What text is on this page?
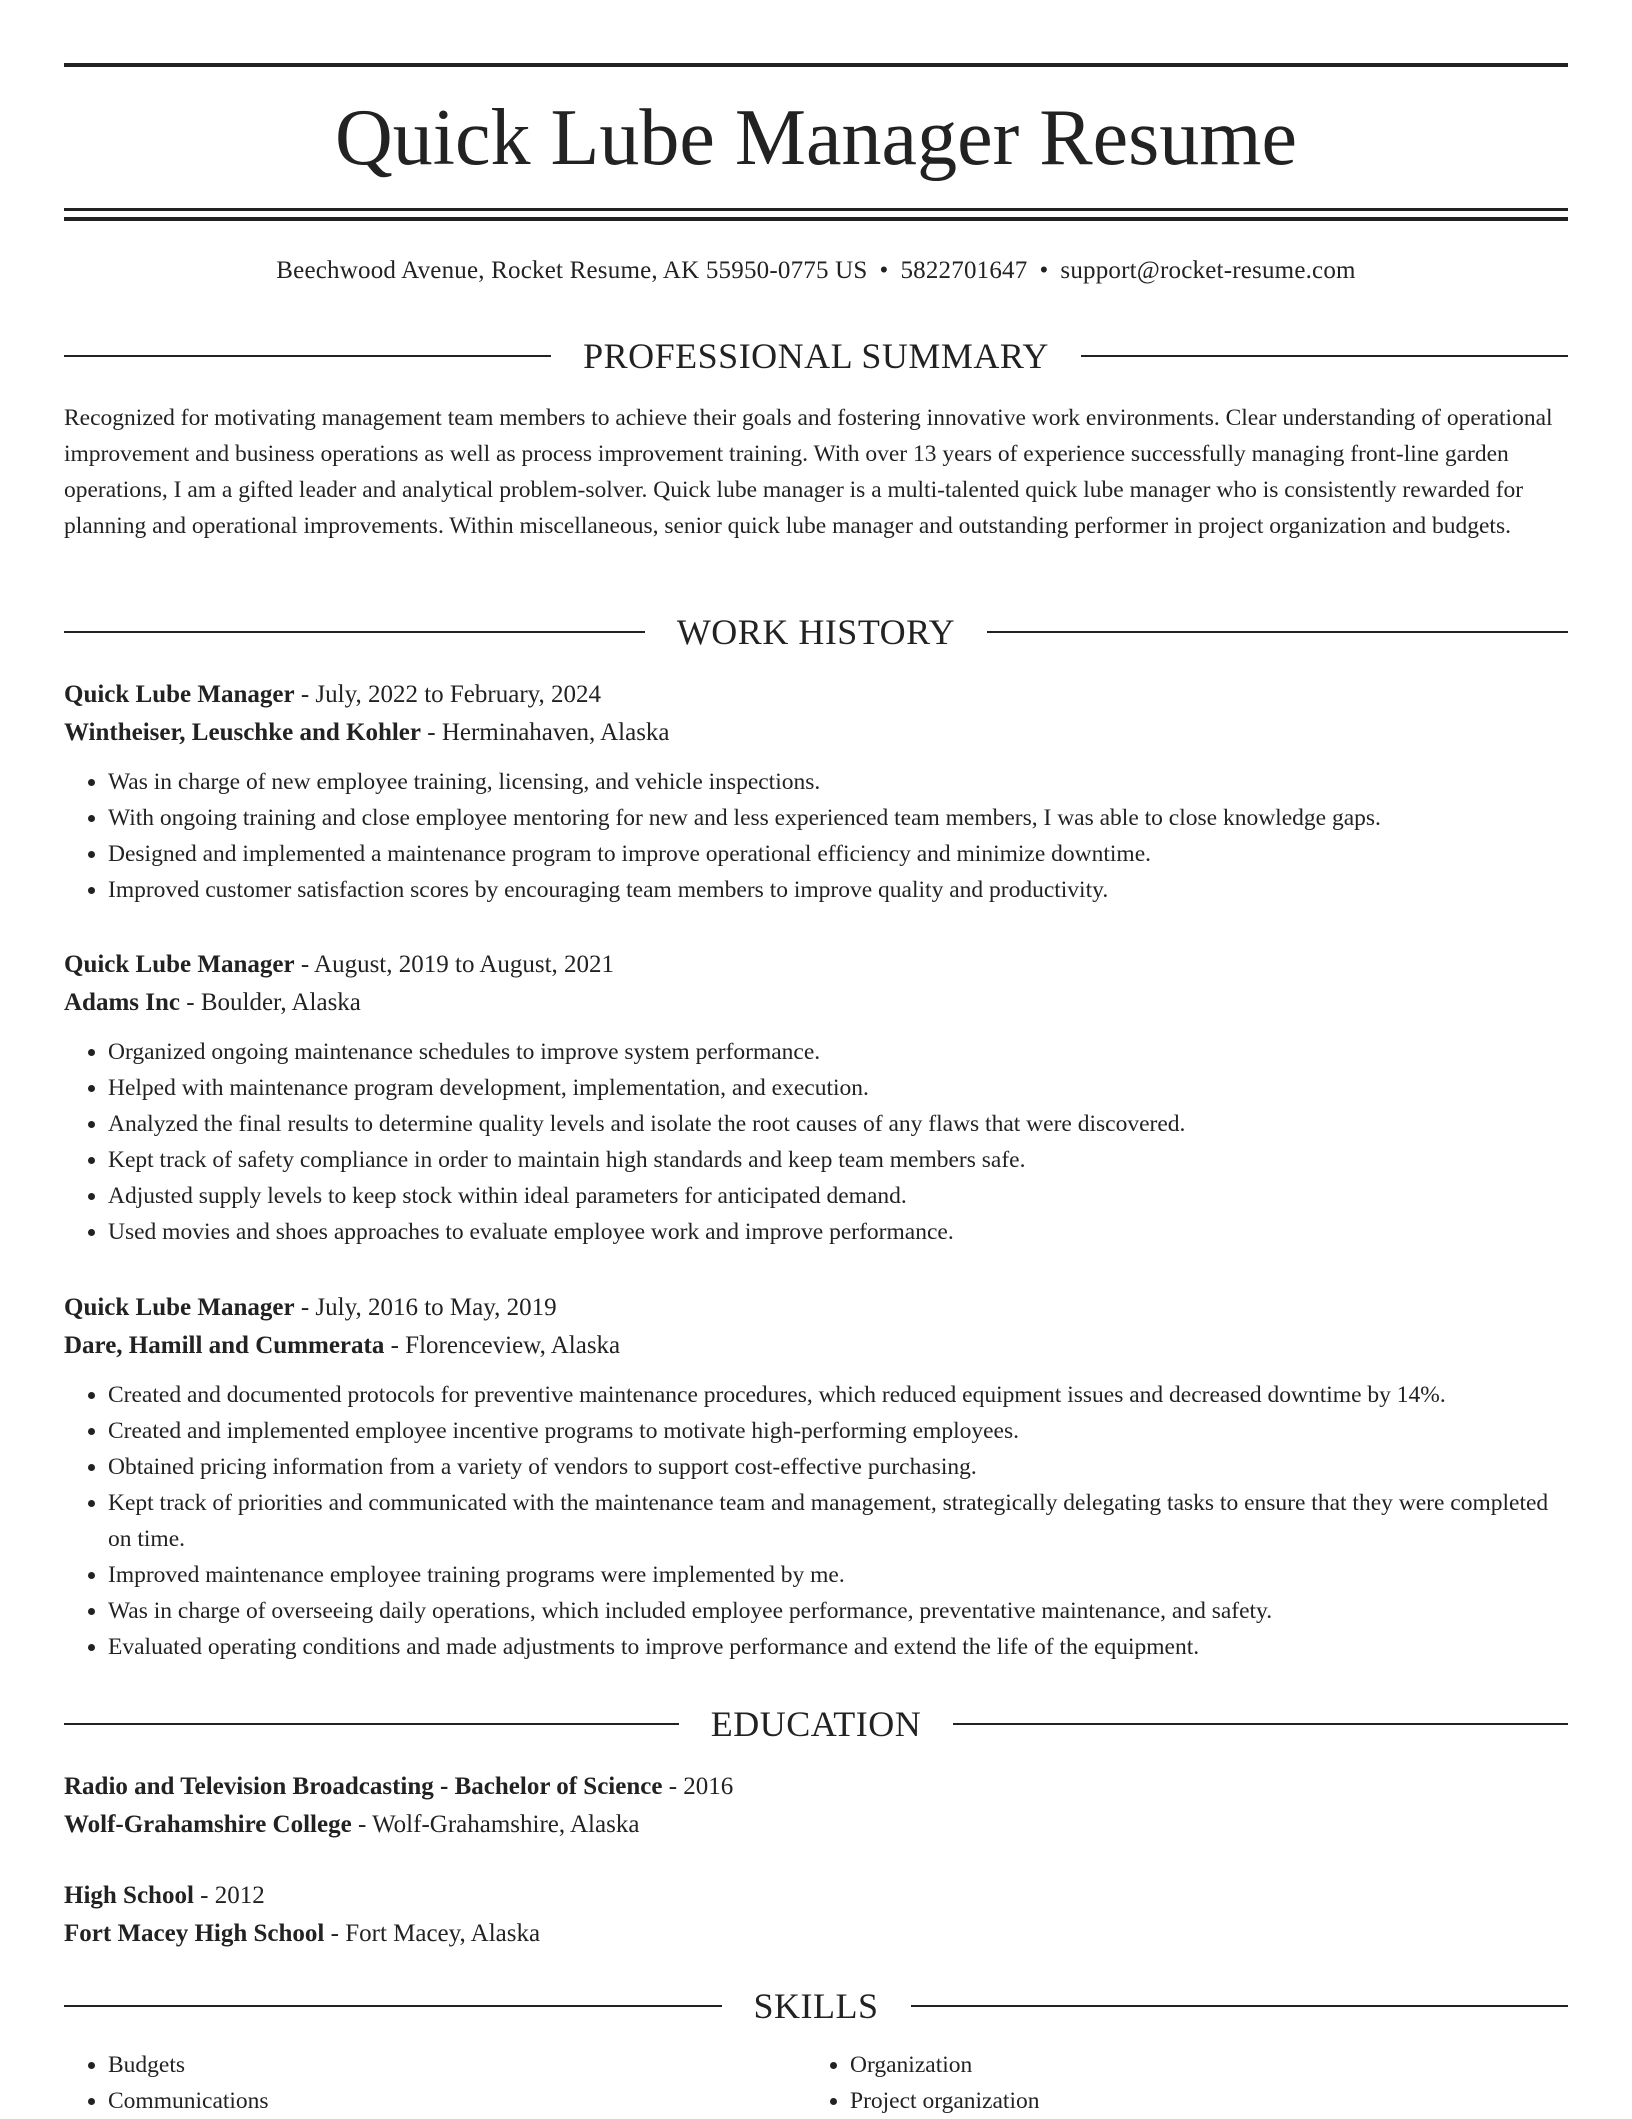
Quick Lube Manager Resume
Beechwood Avenue, Rocket Resume, AK 55950-0775 US • 5822701647 • support@rocket-resume.com
PROFESSIONAL SUMMARY

Recognized for motivating management team members to achieve their goals and fostering innovative work environments. Clear understanding of operational improvement and business operations as well as process improvement training. With over 13 years of experience successfully managing front-line garden operations, I am a gifted leader and analytical problem-solver. Quick lube manager is a multi-talented quick lube manager who is consistently rewarded for planning and operational improvements. Within miscellaneous, senior quick lube manager and outstanding performer in project organization and budgets.

WORK HISTORY
Quick Lube Manager - July, 2022 to February, 2024
Wintheiser, Leuschke and Kohler - Herminahaven, Alaska
• Was in charge of new employee training, licensing, and vehicle inspections.
• With ongoing training and close employee mentoring for new and less experienced team members, I was able to close knowledge gaps.
• Designed and implemented a maintenance program to improve operational efficiency and minimize downtime.
• Improved customer satisfaction scores by encouraging team members to improve quality and productivity.
Quick Lube Manager - August, 2019 to August, 2021
Adams Inc - Boulder, Alaska
• Organized ongoing maintenance schedules to improve system performance.
• Helped with maintenance program development, implementation, and execution.
• Analyzed the final results to determine quality levels and isolate the root causes of any flaws that were discovered.
• Kept track of safety compliance in order to maintain high standards and keep team members safe.
• Adjusted supply levels to keep stock within ideal parameters for anticipated demand.
• Used movies and shoes approaches to evaluate employee work and improve performance.
Quick Lube Manager - July, 2016 to May, 2019
Dare, Hamill and Cummerata - Florenceview, Alaska
• Created and documented protocols for preventive maintenance procedures, which reduced equipment issues and decreased downtime by 14%.
• Created and implemented employee incentive programs to motivate high-performing employees.
• Obtained pricing information from a variety of vendors to support cost-effective purchasing.
• Kept track of priorities and communicated with the maintenance team and management, strategically delegating tasks to ensure that they were completed on time.
• Improved maintenance employee training programs were implemented by me.
• Was in charge of overseeing daily operations, which included employee performance, preventative maintenance, and safety.
• Evaluated operating conditions and made adjustments to improve performance and extend the life of the equipment.
EDUCATION
Radio and Television Broadcasting - Bachelor of Science - 2016
Wolf-Grahamshire College - Wolf-Grahamshire, Alaska
High School - 2012
Fort Macey High School - Fort Macey, Alaska
SKILLS
• Budgets
• Communications
• Organization
• Project organization
